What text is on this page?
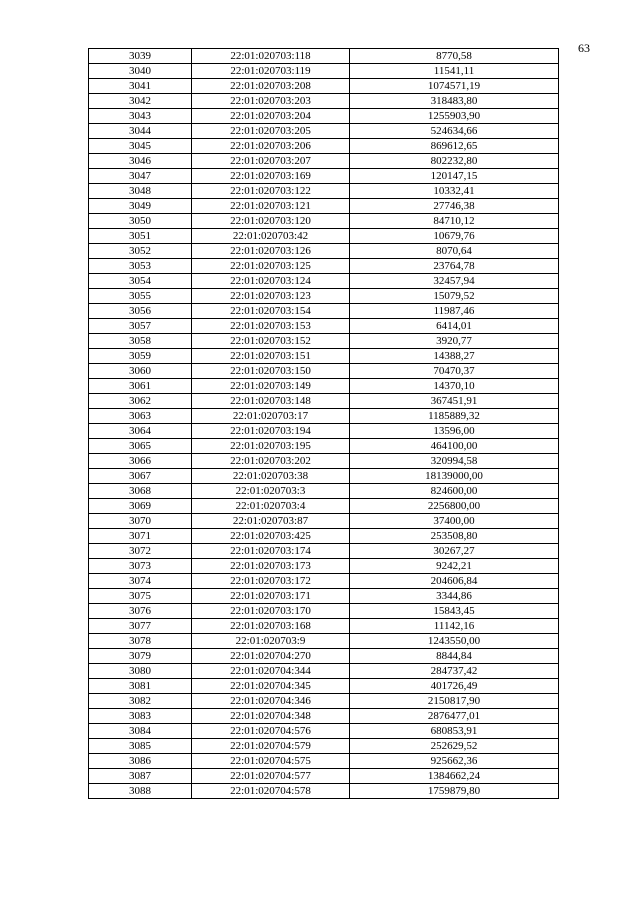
63
3039	22:01:020703:118	8770,58
3040	22:01:020703:119	11541,11
3041	22:01:020703:208	1074571,19
3042	22:01:020703:203	318483,80
3043	22:01:020703:204	1255903,90
3044	22:01:020703:205	524634,66
3045	22:01:020703:206	869612,65
3046	22:01:020703:207	802232,80
3047	22:01:020703:169	120147,15
3048	22:01:020703:122	10332,41
3049	22:01:020703:121	27746,38
3050	22:01:020703:120	84710,12
3051	22:01:020703:42	10679,76
3052	22:01:020703:126	8070,64
3053	22:01:020703:125	23764,78
3054	22:01:020703:124	32457,94
3055	22:01:020703:123	15079,52
3056	22:01:020703:154	11987,46
3057	22:01:020703:153	6414,01
3058	22:01:020703:152	3920,77
3059	22:01:020703:151	14388,27
3060	22:01:020703:150	70470,37
3061	22:01:020703:149	14370,10
3062	22:01:020703:148	367451,91
3063	22:01:020703:17	1185889,32
3064	22:01:020703:194	13596,00
3065	22:01:020703:195	464100,00
3066	22:01:020703:202	320994,58
3067	22:01:020703:38	18139000,00
3068	22:01:020703:3	824600,00
3069	22:01:020703:4	2256800,00
3070	22:01:020703:87	37400,00
3071	22:01:020703:425	253508,80
3072	22:01:020703:174	30267,27
3073	22:01:020703:173	9242,21
3074	22:01:020703:172	204606,84
3075	22:01:020703:171	3344,86
3076	22:01:020703:170	15843,45
3077	22:01:020703:168	11142,16
3078	22:01:020703:9	1243550,00
3079	22:01:020704:270	8844,84
3080	22:01:020704:344	284737,42
3081	22:01:020704:345	401726,49
3082	22:01:020704:346	2150817,90
3083	22:01:020704:348	2876477,01
3084	22:01:020704:576	680853,91
3085	22:01:020704:579	252629,52
3086	22:01:020704:575	925662,36
3087	22:01:020704:577	1384662,24
3088	22:01:020704:578	1759879,80
